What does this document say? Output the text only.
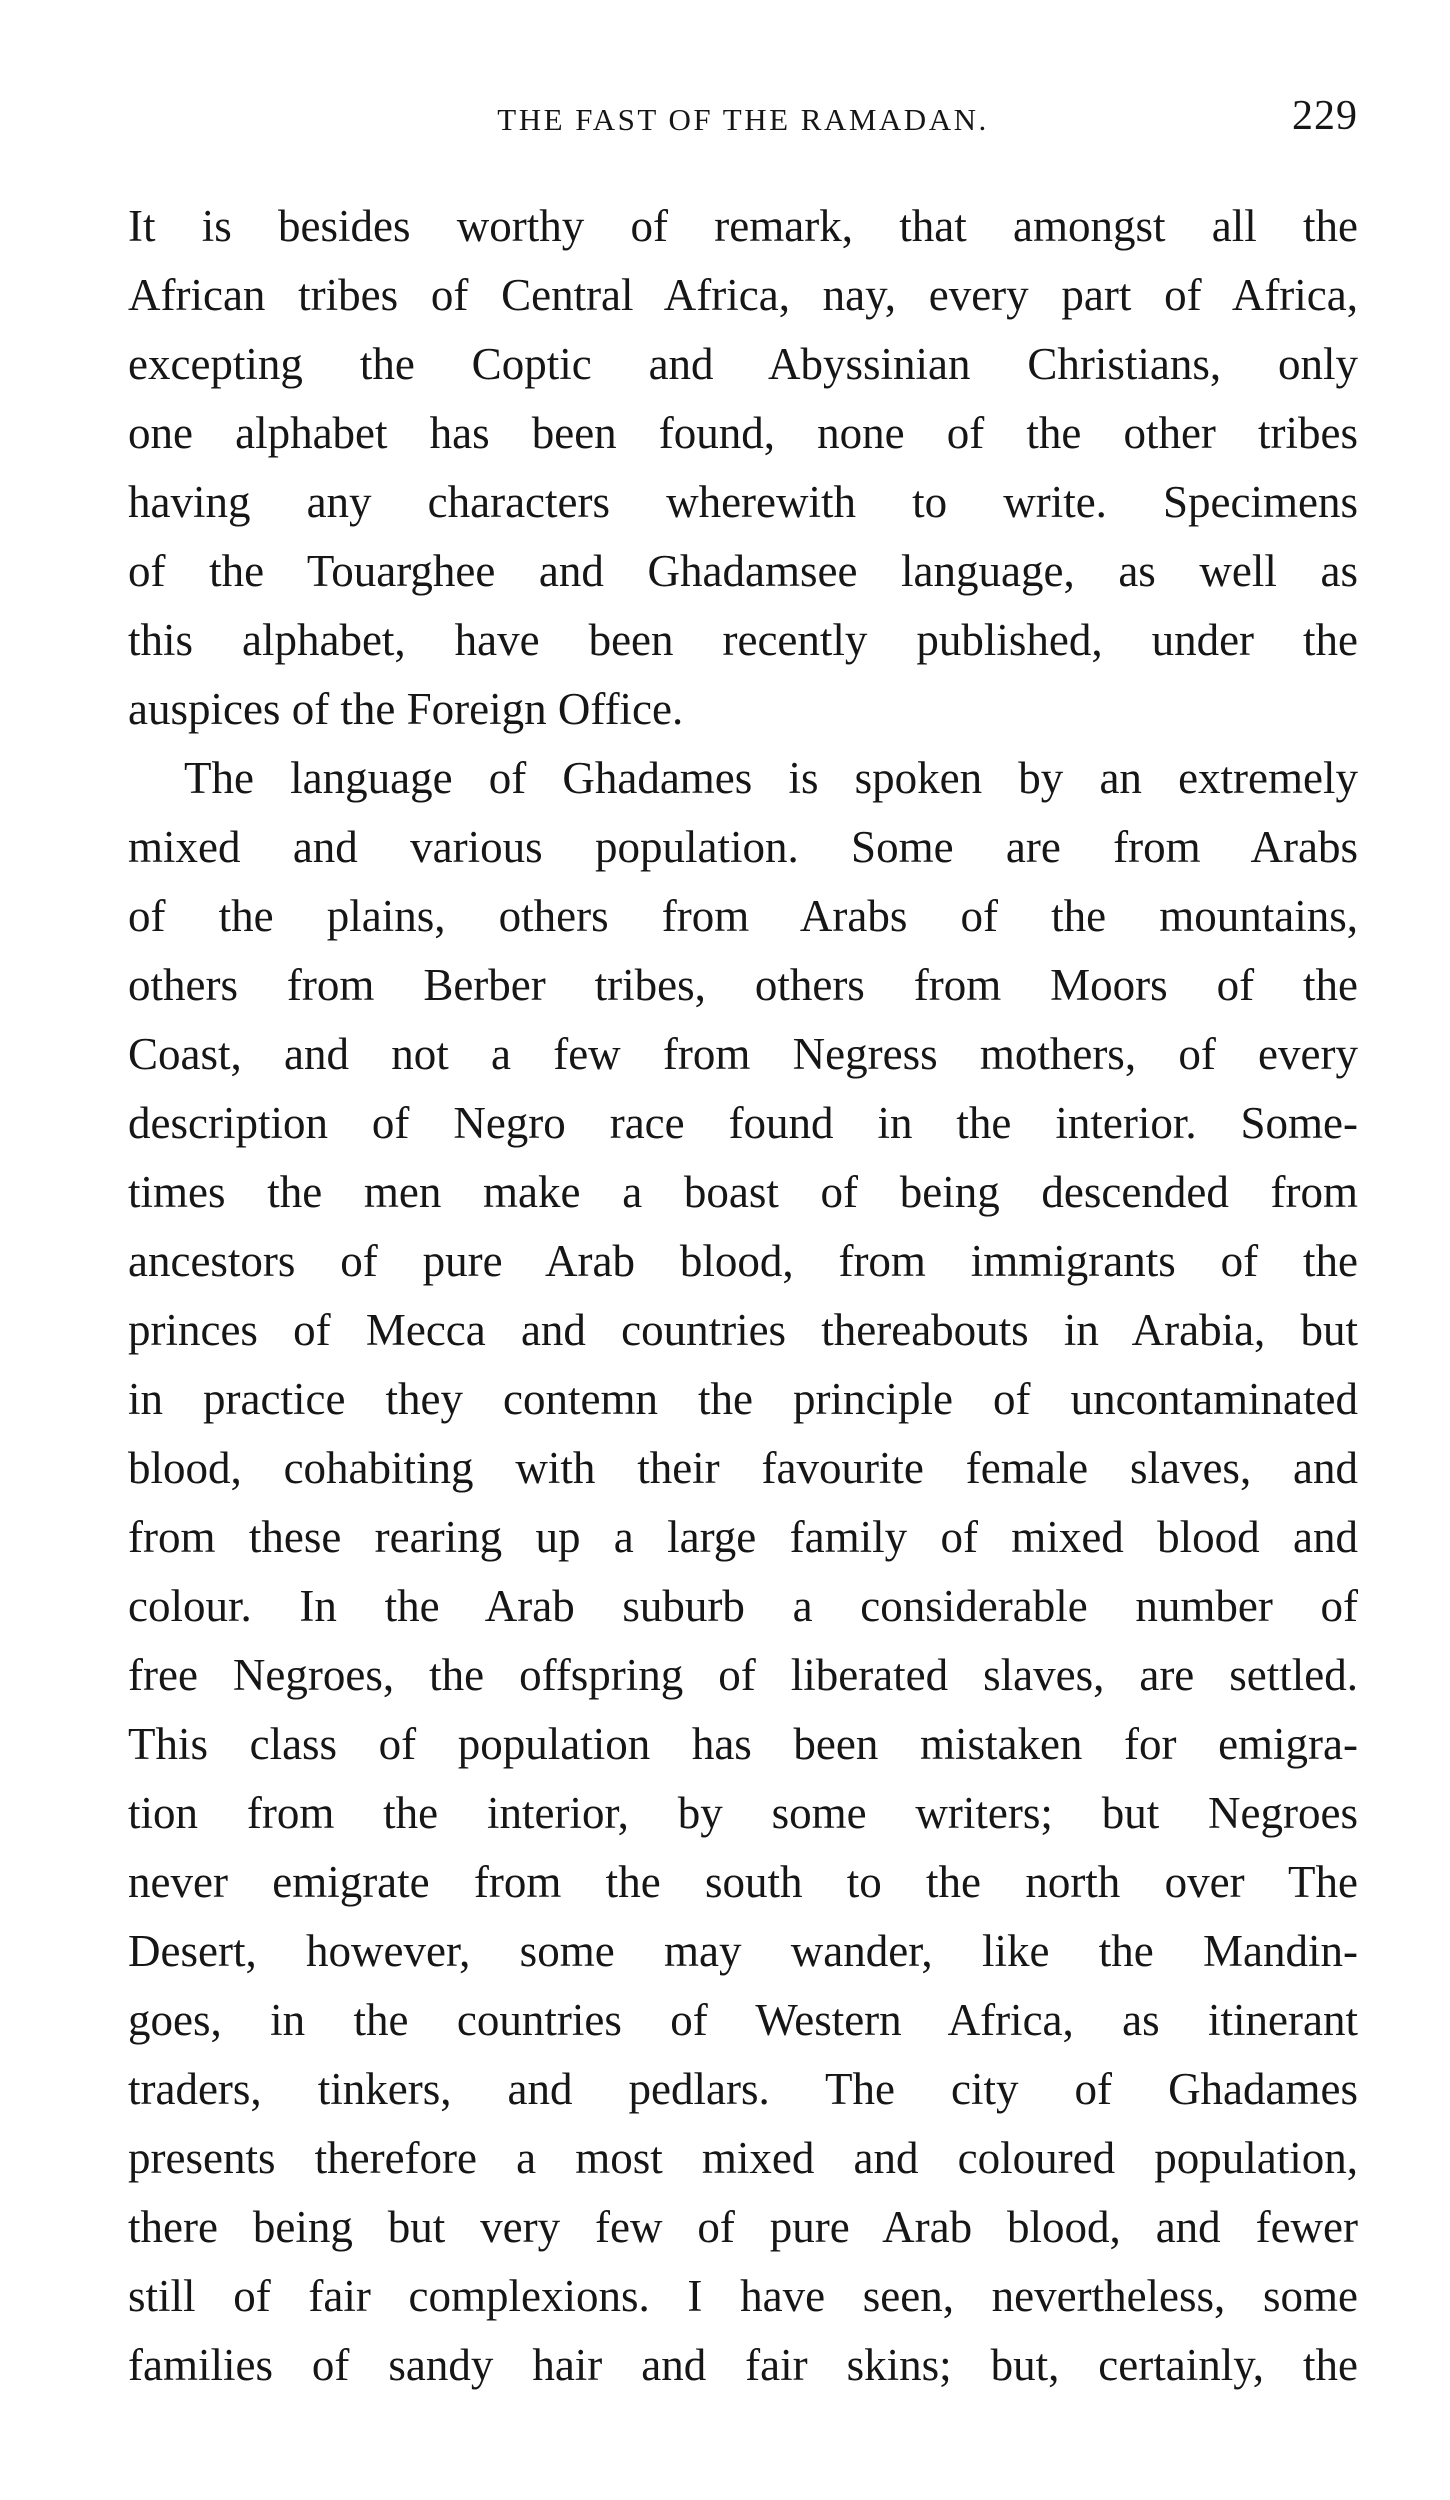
THE FAST OF THE RAMADAN.	229
It is besides worthy of remark, that amongst all the
African tribes of Central Africa, nay, every part of Africa,
excepting the Coptic and Abyssinian Christians, only
one alphabet has been found, none of the other tribes
having any characters wherewith to write. Specimens
of the Touarghee and Ghadamsee language, as well as
this alphabet, have been recently published, under the
auspices of the Foreign Office.
The language of Ghadames is spoken by an extremely
mixed and various population. Some are from Arabs
of the plains, others from Arabs of the mountains,
others from Berber tribes, others from Moors of the
Coast, and not a few from Negress mothers, of every
description of Negro race found in the interior. Some-
times the men make a boast of being descended from
ancestors of pure Arab blood, from immigrants of the
princes of Mecca and countries thereabouts in Arabia, but
in practice they contemn the principle of uncontaminated
blood, cohabiting with their favourite female slaves, and
from these rearing up a large family of mixed blood and
colour. In the Arab suburb a considerable number of
free Negroes, the offspring of liberated slaves, are settled.
This class of population has been mistaken for emigra-
tion from the interior, by some writers; but Negroes
never emigrate from the south to the north over The
Desert, however, some may wander, like the Mandin-
goes, in the countries of Western Africa, as itinerant
traders, tinkers, and pedlars. The city of Ghadames
presents therefore a most mixed and coloured population,
there being but very few of pure Arab blood, and fewer
still of fair complexions. I have seen, nevertheless, some
families of sandy hair and fair skins; but, certainly, the
